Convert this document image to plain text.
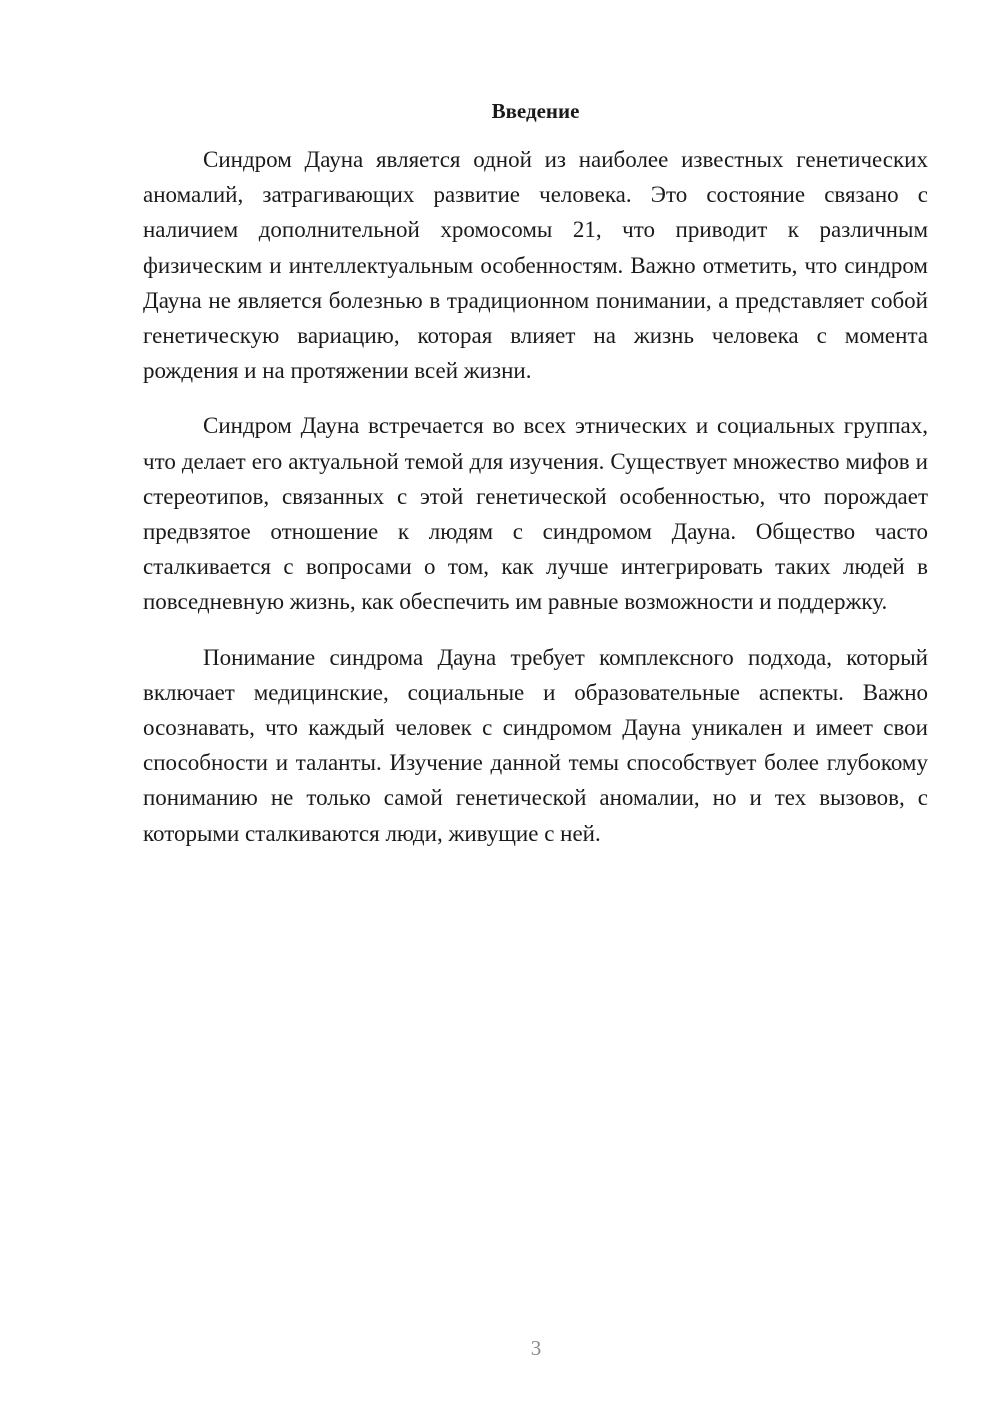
Введение

Синдром Дауна является одной из наиболее известных генетических аномалий, затрагивающих развитие человека. Это состояние связано с наличием дополнительной хромосомы 21, что приводит к различным физическим и интеллектуальным особенностям. Важно отметить, что синдром Дауна не является болезнью в традиционном понимании, а представляет собой генетическую вариацию, которая влияет на жизнь человека с момента рождения и на протяжении всей жизни.

Синдром Дауна встречается во всех этнических и социальных группах, что делает его актуальной темой для изучения. Существует множество мифов и стереотипов, связанных с этой генетической особенностью, что порождает предвзятое отношение к людям с синдромом Дауна. Общество часто сталкивается с вопросами о том, как лучше интегрировать таких людей в повседневную жизнь, как обеспечить им равные возможности и поддержку.

Понимание синдрома Дауна требует комплексного подхода, который включает медицинские, социальные и образовательные аспекты. Важно осознавать, что каждый человек с синдромом Дауна уникален и имеет свои способности и таланты. Изучение данной темы способствует более глубокому пониманию не только самой генетической аномалии, но и тех вызовов, с которыми сталкиваются люди, живущие с ней.

3
